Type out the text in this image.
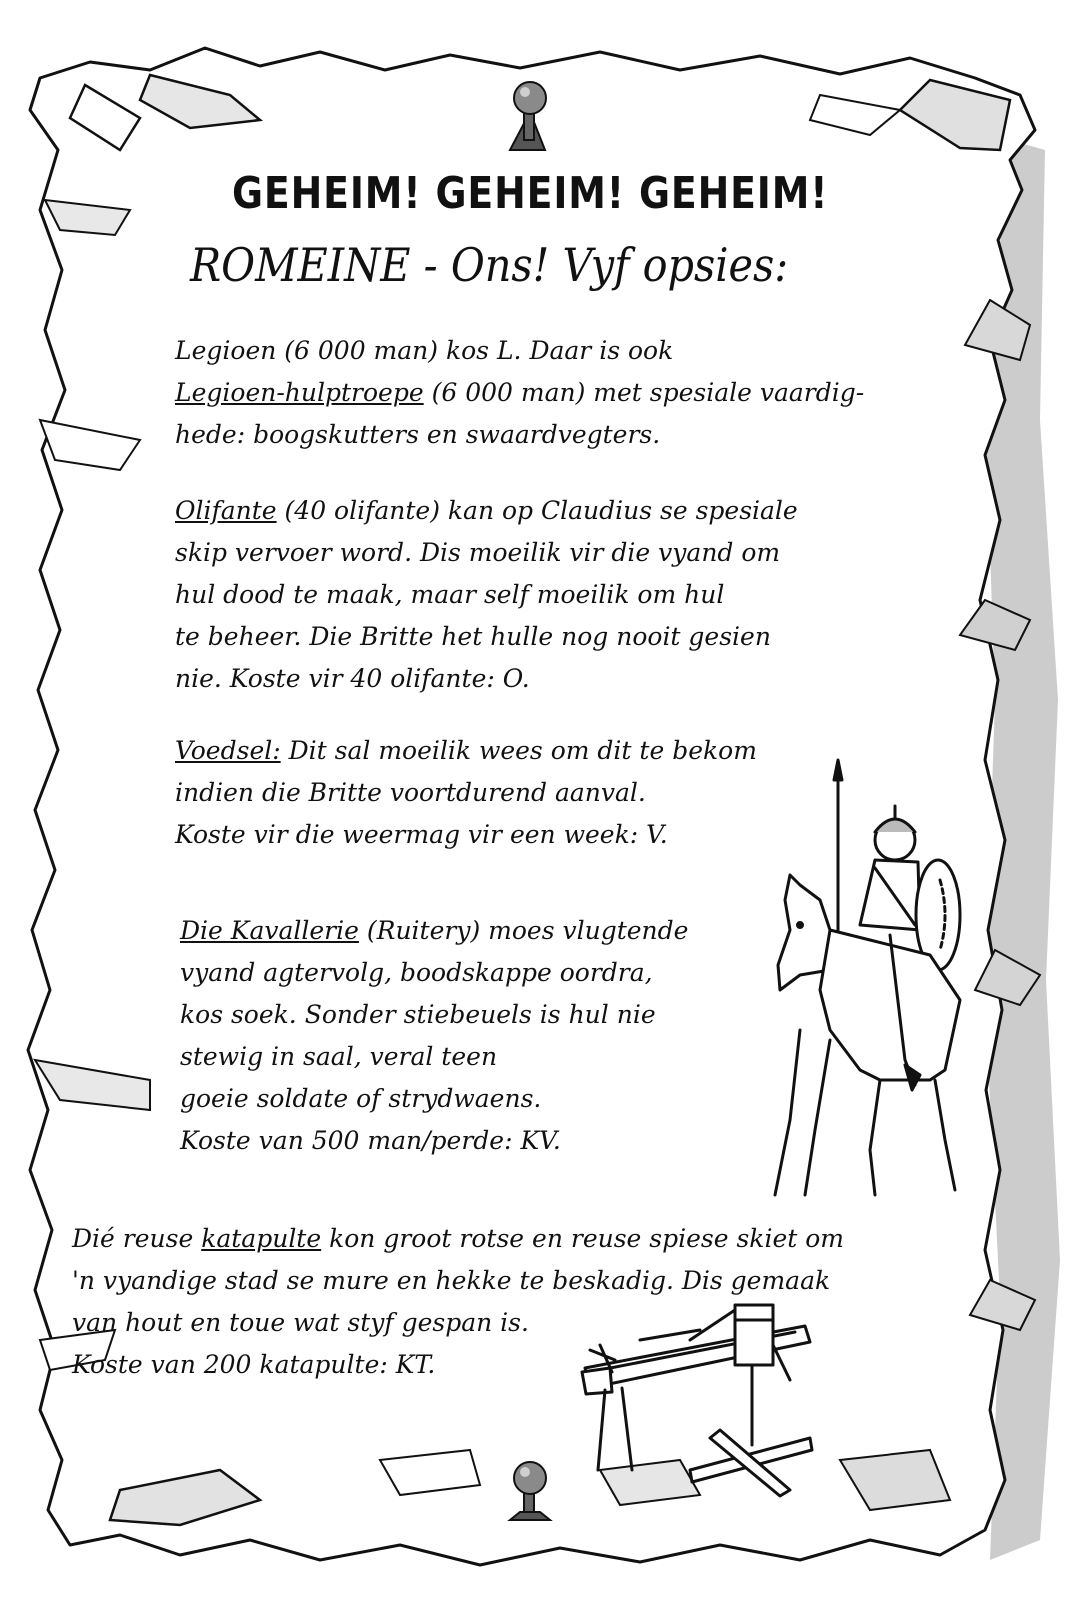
GEHEIM! GEHEIM! GEHEIM!
ROMEINE - Ons! Vyf opsies:
Legioen (6 000 man) kos L. Daar is ook
Legioen-hulptroepe (6 000 man) met spesiale vaardig-
hede: boogskutters en swaardvegters.
Olifante (40 olifante) kan op Claudius se spesiale
skip vervoer word. Dis moeilik vir die vyand om
hul dood te maak, maar self moeilik om hul
te beheer. Die Britte het hulle nog nooit gesien
nie. Koste vir 40 olifante: O.
Voedsel: Dit sal moeilik wees om dit te bekom
indien die Britte voortdurend aanval.
Koste vir die weermag vir een week: V.
Die Kavallerie (Ruitery) moes vlugtende
vyand agtervolg, boodskappe oordra,
kos soek. Sonder stiebeuels is hul nie
stewig in saal, veral teen
goeie soldate of strydwaens.
Koste van 500 man/perde: KV.
Dié reuse katapulte kon groot rotse en reuse spiese skiet om
'n vyandige stad se mure en hekke te beskadig. Dis gemaak
van hout en toue wat styf gespan is.
Koste van 200 katapulte: KT.
